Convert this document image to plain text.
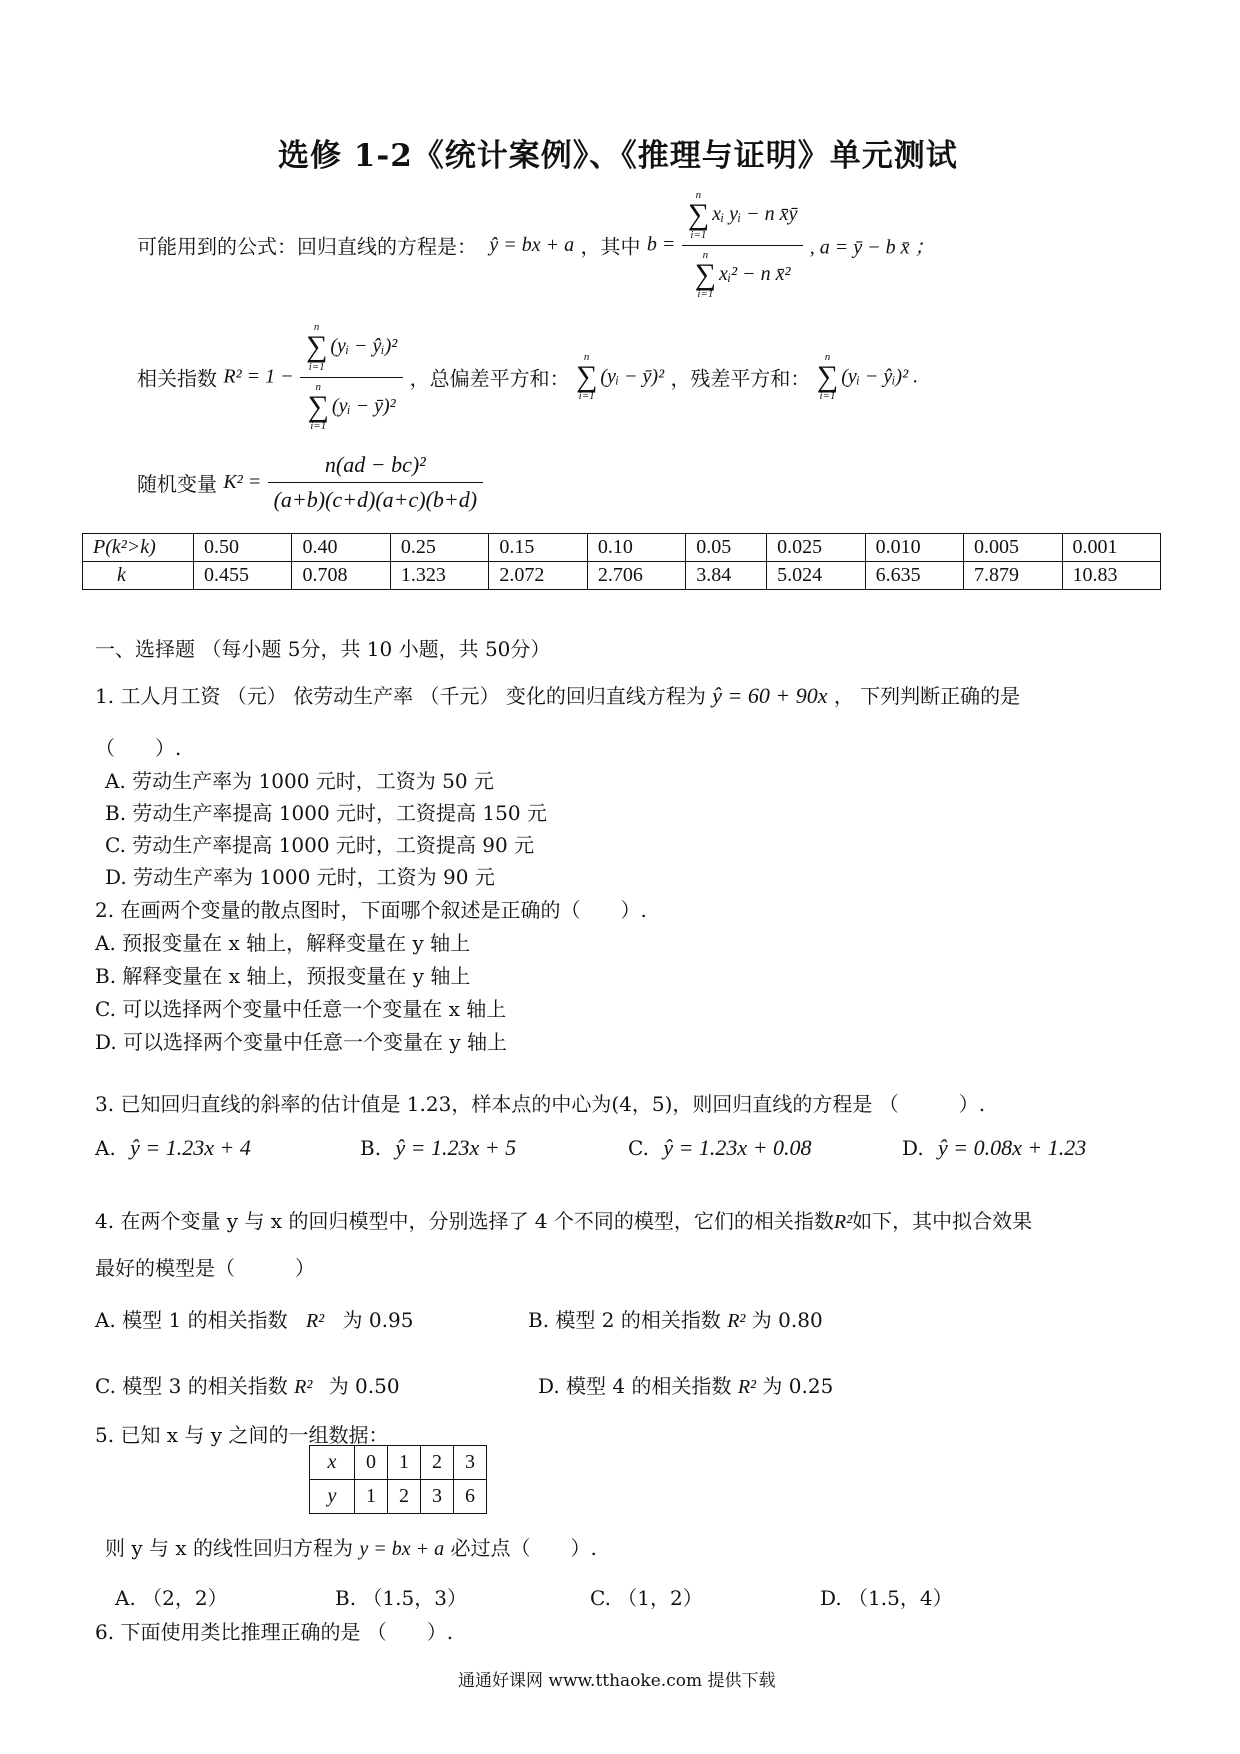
选修 1-2《统计案例》、《推理与证明》单元测试
可能用到的公式：回归直线的方程是： ŷ = bx + a ，其中 b = n
∑
i=1
xᵢ yᵢ − n x̄ȳ
n
∑
i=1
xᵢ² − n x̄² , a = ȳ − b x̄ ；
相关指数 R² = 1 − n
∑
i=1
(yᵢ − ŷᵢ)²
n
∑
i=1
(yᵢ − ȳ)² ，总偏差平方和：
n
∑
i=1
(yᵢ − ȳ)² ，残差平方和：
n
∑
i=1
(yᵢ − ŷᵢ)² .
随机变量 $K^2 = \frac{\text{n(ad − bc)²}}{(a+b)(c+d)(a+c)(b+d)}$
P(k²>k)	0.50	0.40	0.25	0.15	0.10	0.05	0.025	0.010	0.005	0.001
k	0.455	0.708	1.323	2.072	2.706	3.84	5.024	6.635	7.879	10.83
一、选择题 （每小题 5分，共 10 小题，共 50分）
1. 工人月工资 （元） 依劳动生产率 （千元） 变化的回归直线方程为 ŷ = 60 + 90x ， 下列判断正确的是
（　　）.
A. 劳动生产率为 1000 元时，工资为 50 元
B. 劳动生产率提高 1000 元时，工资提高 150 元
C. 劳动生产率提高 1000 元时，工资提高 90 元
D. 劳动生产率为 1000 元时，工资为 90 元
2. 在画两个变量的散点图时，下面哪个叙述是正确的（　　）.
A. 预报变量在 x 轴上，解释变量在 y 轴上
B. 解释变量在 x 轴上，预报变量在 y 轴上
C. 可以选择两个变量中任意一个变量在 x 轴上
D. 可以选择两个变量中任意一个变量在 y 轴上
3. 已知回归直线的斜率的估计值是 1.23，样本点的中心为(4，5)，则回归直线的方程是 （　　　）.
A. ŷ = 1.23x + 4	B. ŷ = 1.23x + 5	C. ŷ = 1.23x + 0.08	D. ŷ = 0.08x + 1.23
4. 在两个变量 y 与 x 的回归模型中，分别选择了 4 个不同的模型，它们的相关指数R²如下，其中拟合效果
最好的模型是（　　　）
A. 模型 1 的相关指数 R² 为 0.95	B. 模型 2 的相关指数 R² 为 0.80
C. 模型 3 的相关指数 R² 为 0.50	D. 模型 4 的相关指数 R² 为 0.25
5. 已知 x 与 y 之间的一组数据：
x	0	1	2	3
y	1	2	3	6
则 y 与 x 的线性回归方程为 y = bx + a 必过点（　　）.
A. （2，2）	B. （1.5，3）	C. （1，2）	D. （1.5，4）
6. 下面使用类比推理正确的是 （　　）.
通通好课网 www.tthaoke.com 提供下载
